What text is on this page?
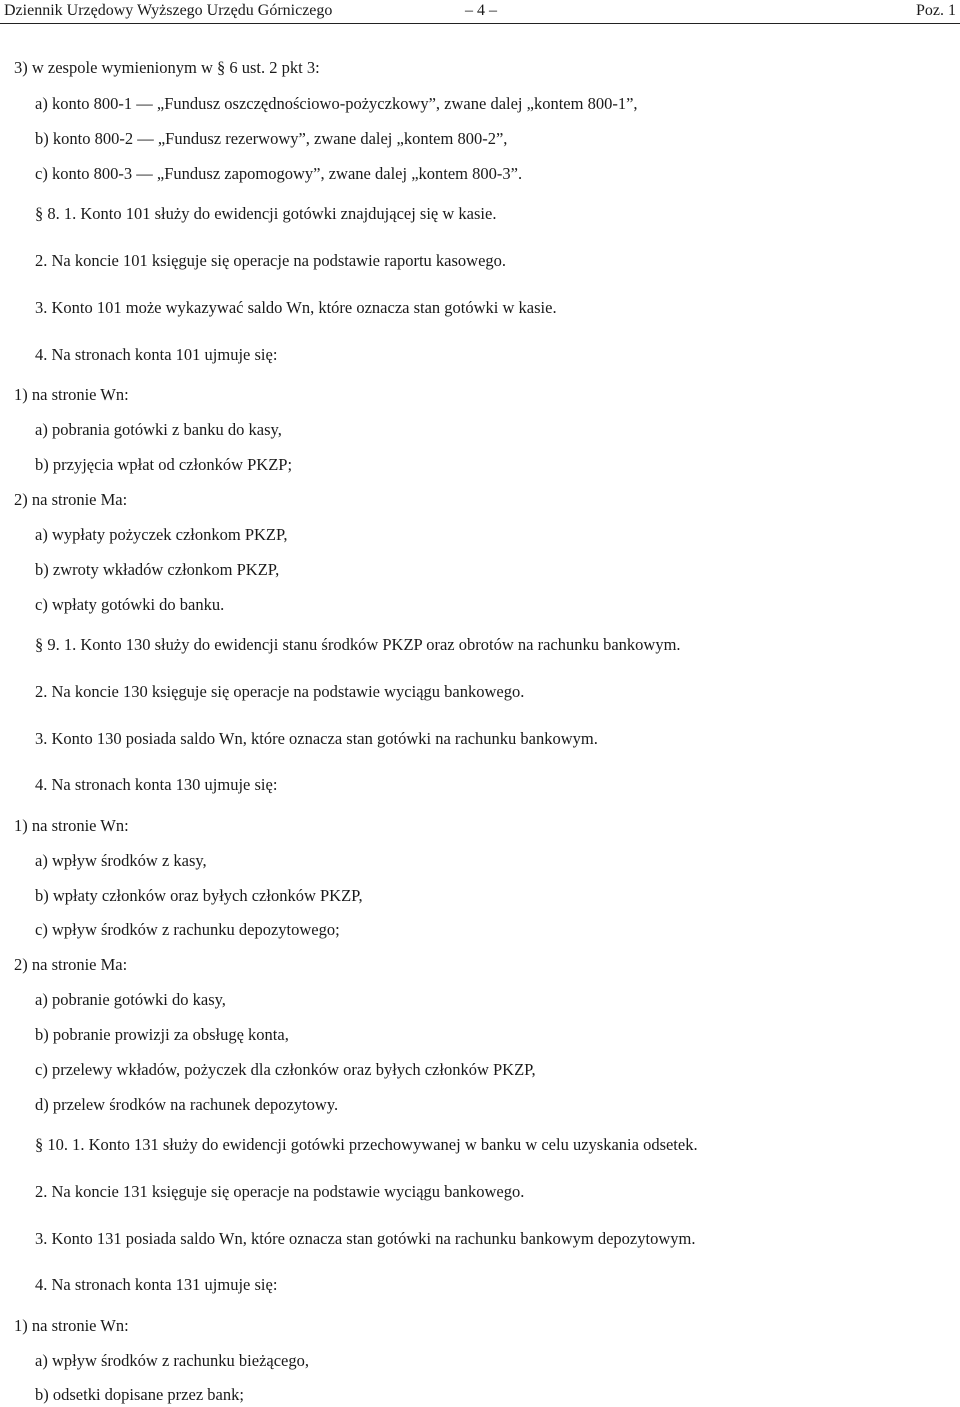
Dziennik Urzędowy Wyższego Urzędu Górniczego	– 4 –	Poz. 1
3) w zespole wymienionym w § 6 ust. 2 pkt 3:
a) konto 800-1 — „Fundusz oszczędnościowo-pożyczkowy”, zwane dalej „kontem 800-1”,
b) konto 800-2 — „Fundusz rezerwowy”, zwane dalej „kontem 800-2”,
c) konto 800-3 — „Fundusz zapomogowy”, zwane dalej „kontem 800-3”.
§ 8. 1. Konto 101 służy do ewidencji gotówki znajdującej się w kasie.
2. Na koncie 101 księguje się operacje na podstawie raportu kasowego.
3. Konto 101 może wykazywać saldo Wn, które oznacza stan gotówki w kasie.
4. Na stronach konta 101 ujmuje się:
1) na stronie Wn:
a) pobrania gotówki z banku do kasy,
b) przyjęcia wpłat od członków PKZP;
2) na stronie Ma:
a) wypłaty pożyczek członkom PKZP,
b) zwroty wkładów członkom PKZP,
c) wpłaty gotówki do banku.
§ 9. 1. Konto 130 służy do ewidencji stanu środków PKZP oraz obrotów na rachunku bankowym.
2. Na koncie 130 księguje się operacje na podstawie wyciągu bankowego.
3. Konto 130 posiada saldo Wn, które oznacza stan gotówki na rachunku bankowym.
4. Na stronach konta 130 ujmuje się:
1) na stronie Wn:
a) wpływ środków z kasy,
b) wpłaty członków oraz byłych członków PKZP,
c) wpływ środków z rachunku depozytowego;
2) na stronie Ma:
a) pobranie gotówki do kasy,
b) pobranie prowizji za obsługę konta,
c) przelewy wkładów, pożyczek dla członków oraz byłych członków PKZP,
d) przelew środków na rachunek depozytowy.
§ 10. 1. Konto 131 służy do ewidencji gotówki przechowywanej w banku w celu uzyskania odsetek.
2. Na koncie 131 księguje się operacje na podstawie wyciągu bankowego.
3. Konto 131 posiada saldo Wn, które oznacza stan gotówki na rachunku bankowym depozytowym.
4. Na stronach konta 131 ujmuje się:
1) na stronie Wn:
a) wpływ środków z rachunku bieżącego,
b) odsetki dopisane przez bank;
